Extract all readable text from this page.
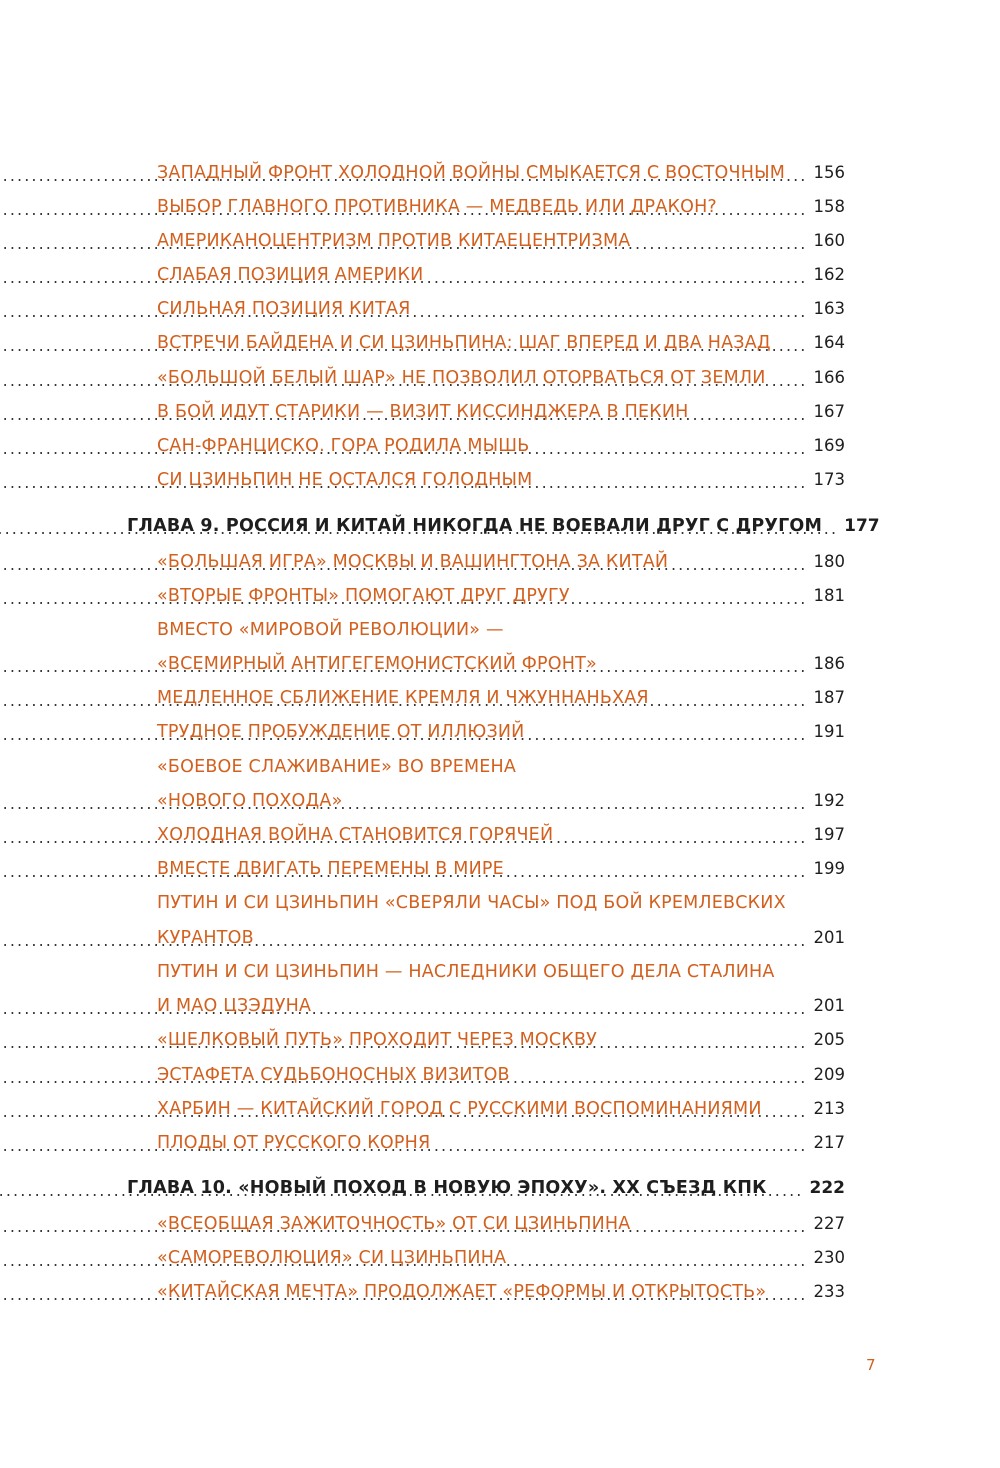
ЗАПАДНЫЙ ФРОНТ ХОЛОДНОЙ ВОЙНЫ СМЫКАЕТСЯ С ВОСТОЧНЫМ ..... 156
ВЫБОР ГЛАВНОГО ПРОТИВНИКА — МЕДВЕДЬ ИЛИ ДРАКОН? .....	158
АМЕРИКАНОЦЕНТРИЗМ ПРОТИВ КИТАЕЦЕНТРИЗМА .....	160
СЛАБАЯ ПОЗИЦИЯ АМЕРИКИ .....	162
СИЛЬНАЯ ПОЗИЦИЯ КИТАЯ .....	163
ВСТРЕЧИ БАЙДЕНА И СИ ЦЗИНЬПИНА: ШАГ ВПЕРЕД И ДВА НАЗАД .....	164
«БОЛЬШОЙ БЕЛЫЙ ШАР» НЕ ПОЗВОЛИЛ ОТОРВАТЬСЯ ОТ ЗЕМЛИ .....	166
В БОЙ ИДУТ СТАРИКИ — ВИЗИТ КИССИНДЖЕРА В ПЕКИН .....	167
САН-ФРАНЦИСКО. ГОРА РОДИЛА МЫШЬ .....	169
СИ ЦЗИНЬПИН НЕ ОСТАЛСЯ ГОЛОДНЫМ .....	173
ГЛАВА 9. РОССИЯ И КИТАЙ НИКОГДА НЕ ВОЕВАЛИ ДРУГ С ДРУГОМ ..... 177
«БОЛЬШАЯ ИГРА» МОСКВЫ И ВАШИНГТОНА ЗА КИТАЙ .....	180
«ВТОРЫЕ ФРОНТЫ» ПОМОГАЮТ ДРУГ ДРУГУ .....	181
ВМЕСТО «МИРОВОЙ РЕВОЛЮЦИИ» —
«ВСЕМИРНЫЙ АНТИГЕГЕМОНИСТСКИЙ ФРОНТ» .....	186
МЕДЛЕННОЕ СБЛИЖЕНИЕ КРЕМЛЯ И ЧЖУННАНЬХАЯ .....	187
ТРУДНОЕ ПРОБУЖДЕНИЕ ОТ ИЛЛЮЗИЙ .....	191
«БОЕВОЕ СЛАЖИВАНИЕ» ВО ВРЕМЕНА
«НОВОГО ПОХОДА» .....	192
ХОЛОДНАЯ ВОЙНА СТАНОВИТСЯ ГОРЯЧЕЙ .....	197
ВМЕСТЕ ДВИГАТЬ ПЕРЕМЕНЫ В МИРЕ .....	199
ПУТИН И СИ ЦЗИНЬПИН «СВЕРЯЛИ ЧАСЫ» ПОД БОЙ КРЕМЛЕВСКИХ
КУРАНТОВ .....	201
ПУТИН И СИ ЦЗИНЬПИН — НАСЛЕДНИКИ ОБЩЕГО ДЕЛА СТАЛИНА
И МАО ЦЗЭДУНА .....	201
«ШЕЛКОВЫЙ ПУТЬ» ПРОХОДИТ ЧЕРЕЗ МОСКВУ .....	205
ЭСТАФЕТА СУДЬБОНОСНЫХ ВИЗИТОВ .....	209
ХАРБИН — КИТАЙСКИЙ ГОРОД С РУССКИМИ ВОСПОМИНАНИЯМИ .....	213
ПЛОДЫ ОТ РУССКОГО КОРНЯ .....	217
ГЛАВА 10. «НОВЫЙ ПОХОД В НОВУЮ ЭПОХУ». XX СЪЕЗД КПК .....	222
«ВСЕОБЩАЯ ЗАЖИТОЧНОСТЬ» ОТ СИ ЦЗИНЬПИНА .....	227
«САМОРЕВОЛЮЦИЯ» СИ ЦЗИНЬПИНА .....	230
«КИТАЙСКАЯ МЕЧТА» ПРОДОЛЖАЕТ «РЕФОРМЫ И ОТКРЫТОСТЬ» .....	233
7
